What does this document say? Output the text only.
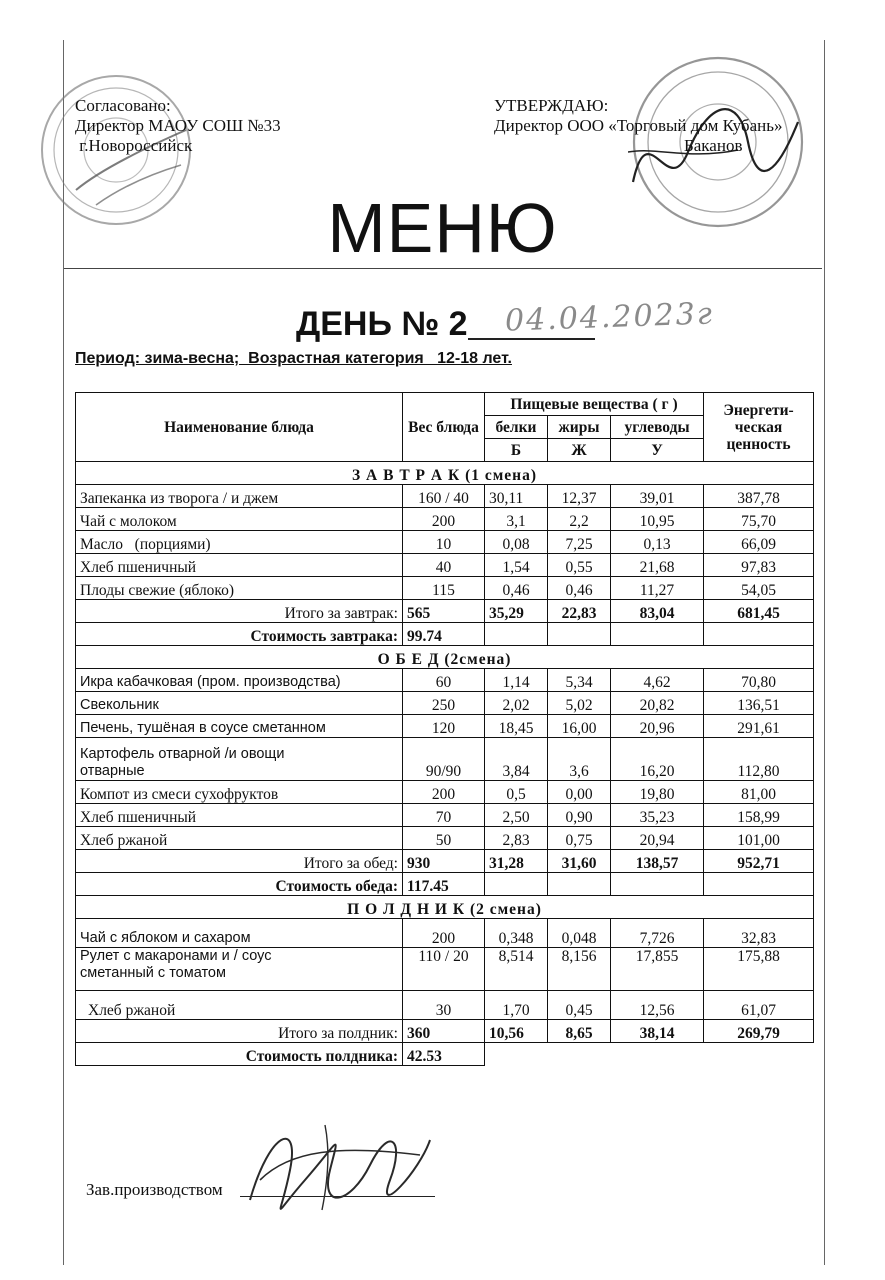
Согласовано:
Директор МАОУ СОШ №33
г.Новороссийск
УТВЕРЖДАЮ:
Директор ООО «Торговый дом Кубань»
Баканов
МЕНЮ
ДЕНЬ № 2 04.04.2023г
Период: зима-весна;  Возрастная категория   12-18 лет.
Наименование блюда	Вес блюда	Пищевые вещества ( г )			Энергети-ческая ценность
		белки	жиры	углеводы	
		Б	Ж	У	
З А В Т Р А К (1 смена)					
Запеканка из творога / и джем	160 / 40	30,11	12,37	39,01	387,78
Чай с молоком	200	3,1	2,2	10,95	75,70
Масло   (порциями)	10	0,08	7,25	0,13	66,09
Хлеб пшеничный	40	1,54	0,55	21,68	97,83
Плоды свежие (яблоко)	115	0,46	0,46	11,27	54,05
Итого за завтрак:	565	35,29	22,83	83,04	681,45
Стоимость завтрака:	99.74				
О Б Е Д (2смена)					
Икра кабачковая (пром. производства)	60	1,14	5,34	4,62	70,80
Свекольник	250	2,02	5,02	20,82	136,51
Печень, тушёная в соусе сметанном	120	18,45	16,00	20,96	291,61
Картофель отварной /и овощи отварные	90/90	3,84	3,6	16,20	112,80
Компот из смеси сухофруктов	200	0,5	0,00	19,80	81,00
Хлеб пшеничный	70	2,50	0,90	35,23	158,99
Хлеб ржаной	50	2,83	0,75	20,94	101,00
Итого за обед:	930	31,28	31,60	138,57	952,71
Стоимость обеда:	117.45				
П О Л Д Н И К (2 смена)					
Чай с яблоком и сахаром	200	0,348	0,048	7,726	32,83
Рулет с макаронами и / соус сметанный с томатом	110 / 20	8,514	8,156	17,855	175,88
Хлеб ржаной	30	1,70	0,45	12,56	61,07
Итого за полдник:	360	10,56	8,65	38,14	269,79
Стоимость полдника:	42.53				
Зав.производством
